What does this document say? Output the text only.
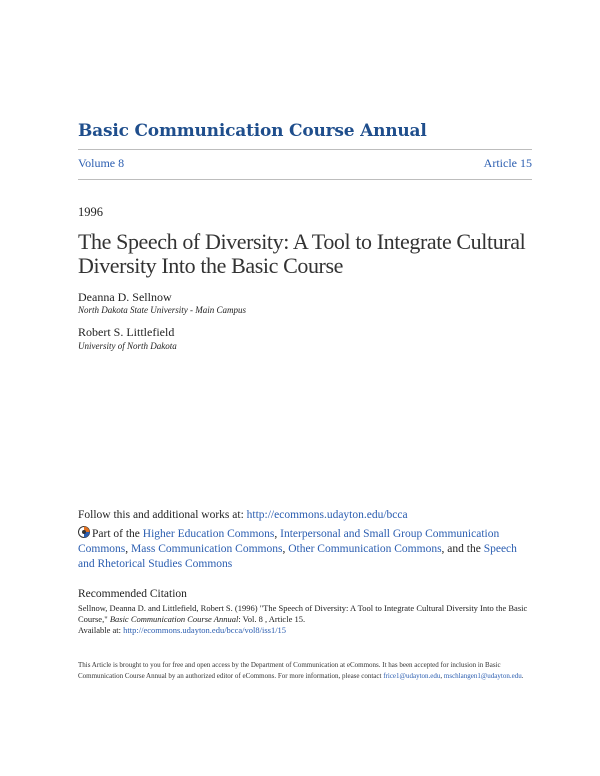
Basic Communication Course Annual
Volume 8	Article 15
1996
The Speech of Diversity: A Tool to Integrate Cultural Diversity Into the Basic Course
Deanna D. Sellnow
North Dakota State University - Main Campus
Robert S. Littlefield
University of North Dakota
Follow this and additional works at: http://ecommons.udayton.edu/bcca
Part of the Higher Education Commons, Interpersonal and Small Group Communication Commons, Mass Communication Commons, Other Communication Commons, and the Speech and Rhetorical Studies Commons
Recommended Citation
Sellnow, Deanna D. and Littlefield, Robert S. (1996) "The Speech of Diversity: A Tool to Integrate Cultural Diversity Into the Basic Course," Basic Communication Course Annual: Vol. 8 , Article 15.
Available at: http://ecommons.udayton.edu/bcca/vol8/iss1/15
This Article is brought to you for free and open access by the Department of Communication at eCommons. It has been accepted for inclusion in Basic Communication Course Annual by an authorized editor of eCommons. For more information, please contact frice1@udayton.edu, mschlangen1@udayton.edu.
